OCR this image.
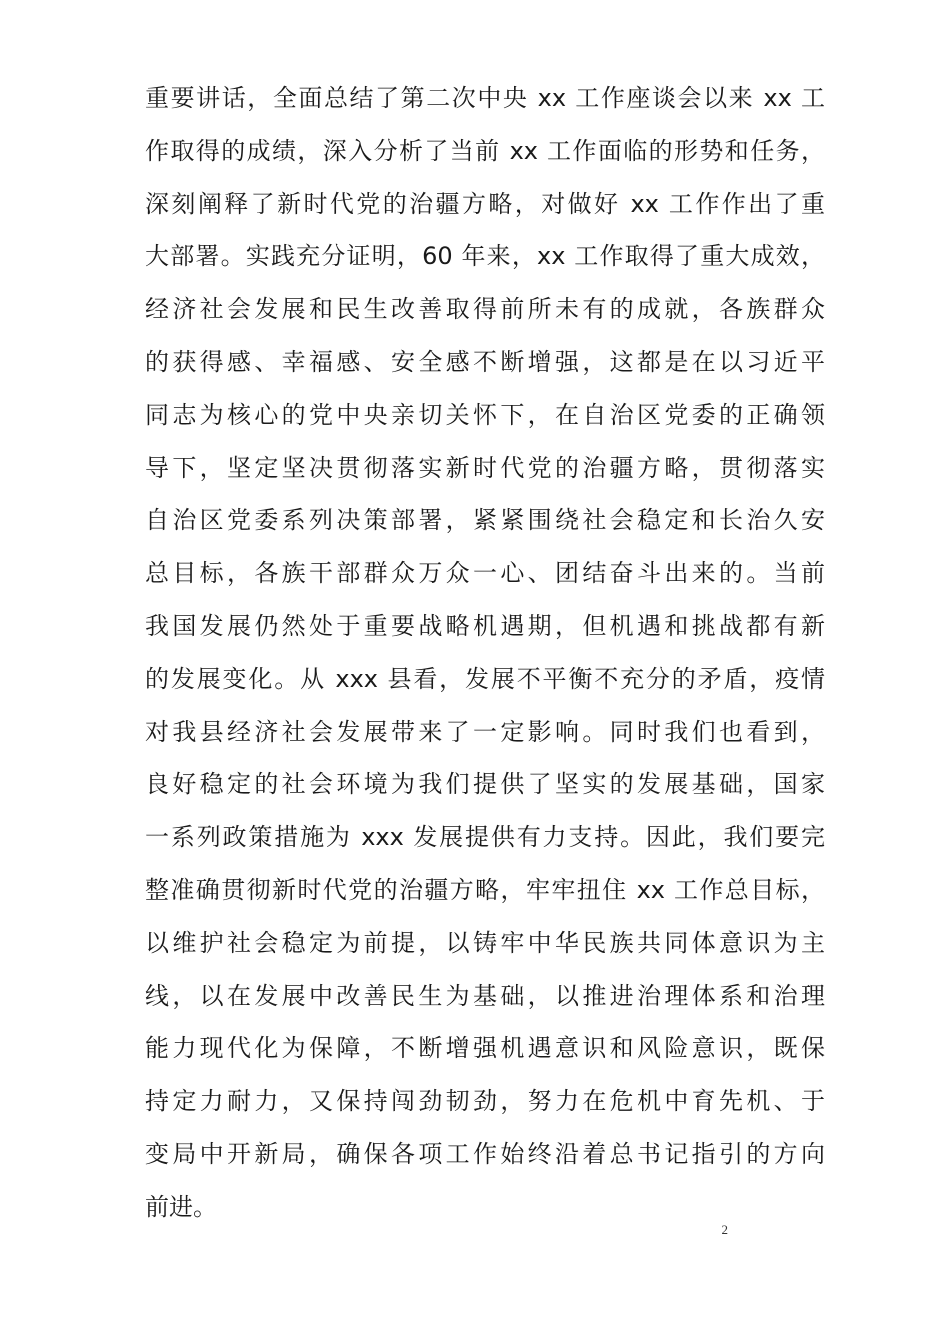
重要讲话，全面总结了第二次中央 xx 工作座谈会以来 xx 工
作取得的成绩，深入分析了当前 xx 工作面临的形势和任务，
深刻阐释了新时代党的治疆方略，对做好 xx 工作作出了重
大部署。实践充分证明，60 年来，xx 工作取得了重大成效，
经济社会发展和民生改善取得前所未有的成就，各族群众
的获得感、幸福感、安全感不断增强，这都是在以习近平
同志为核心的党中央亲切关怀下，在自治区党委的正确领
导下，坚定坚决贯彻落实新时代党的治疆方略，贯彻落实
自治区党委系列决策部署，紧紧围绕社会稳定和长治久安
总目标，各族干部群众万众一心、团结奋斗出来的。当前
我国发展仍然处于重要战略机遇期，但机遇和挑战都有新
的发展变化。从 xxx 县看，发展不平衡不充分的矛盾，疫情
对我县经济社会发展带来了一定影响。同时我们也看到，
良好稳定的社会环境为我们提供了坚实的发展基础，国家
一系列政策措施为 xxx 发展提供有力支持。因此，我们要完
整准确贯彻新时代党的治疆方略，牢牢扭住 xx 工作总目标，
以维护社会稳定为前提，以铸牢中华民族共同体意识为主
线，以在发展中改善民生为基础，以推进治理体系和治理
能力现代化为保障，不断增强机遇意识和风险意识，既保
持定力耐力，又保持闯劲韧劲，努力在危机中育先机、于
变局中开新局，确保各项工作始终沿着总书记指引的方向
前进。
2
